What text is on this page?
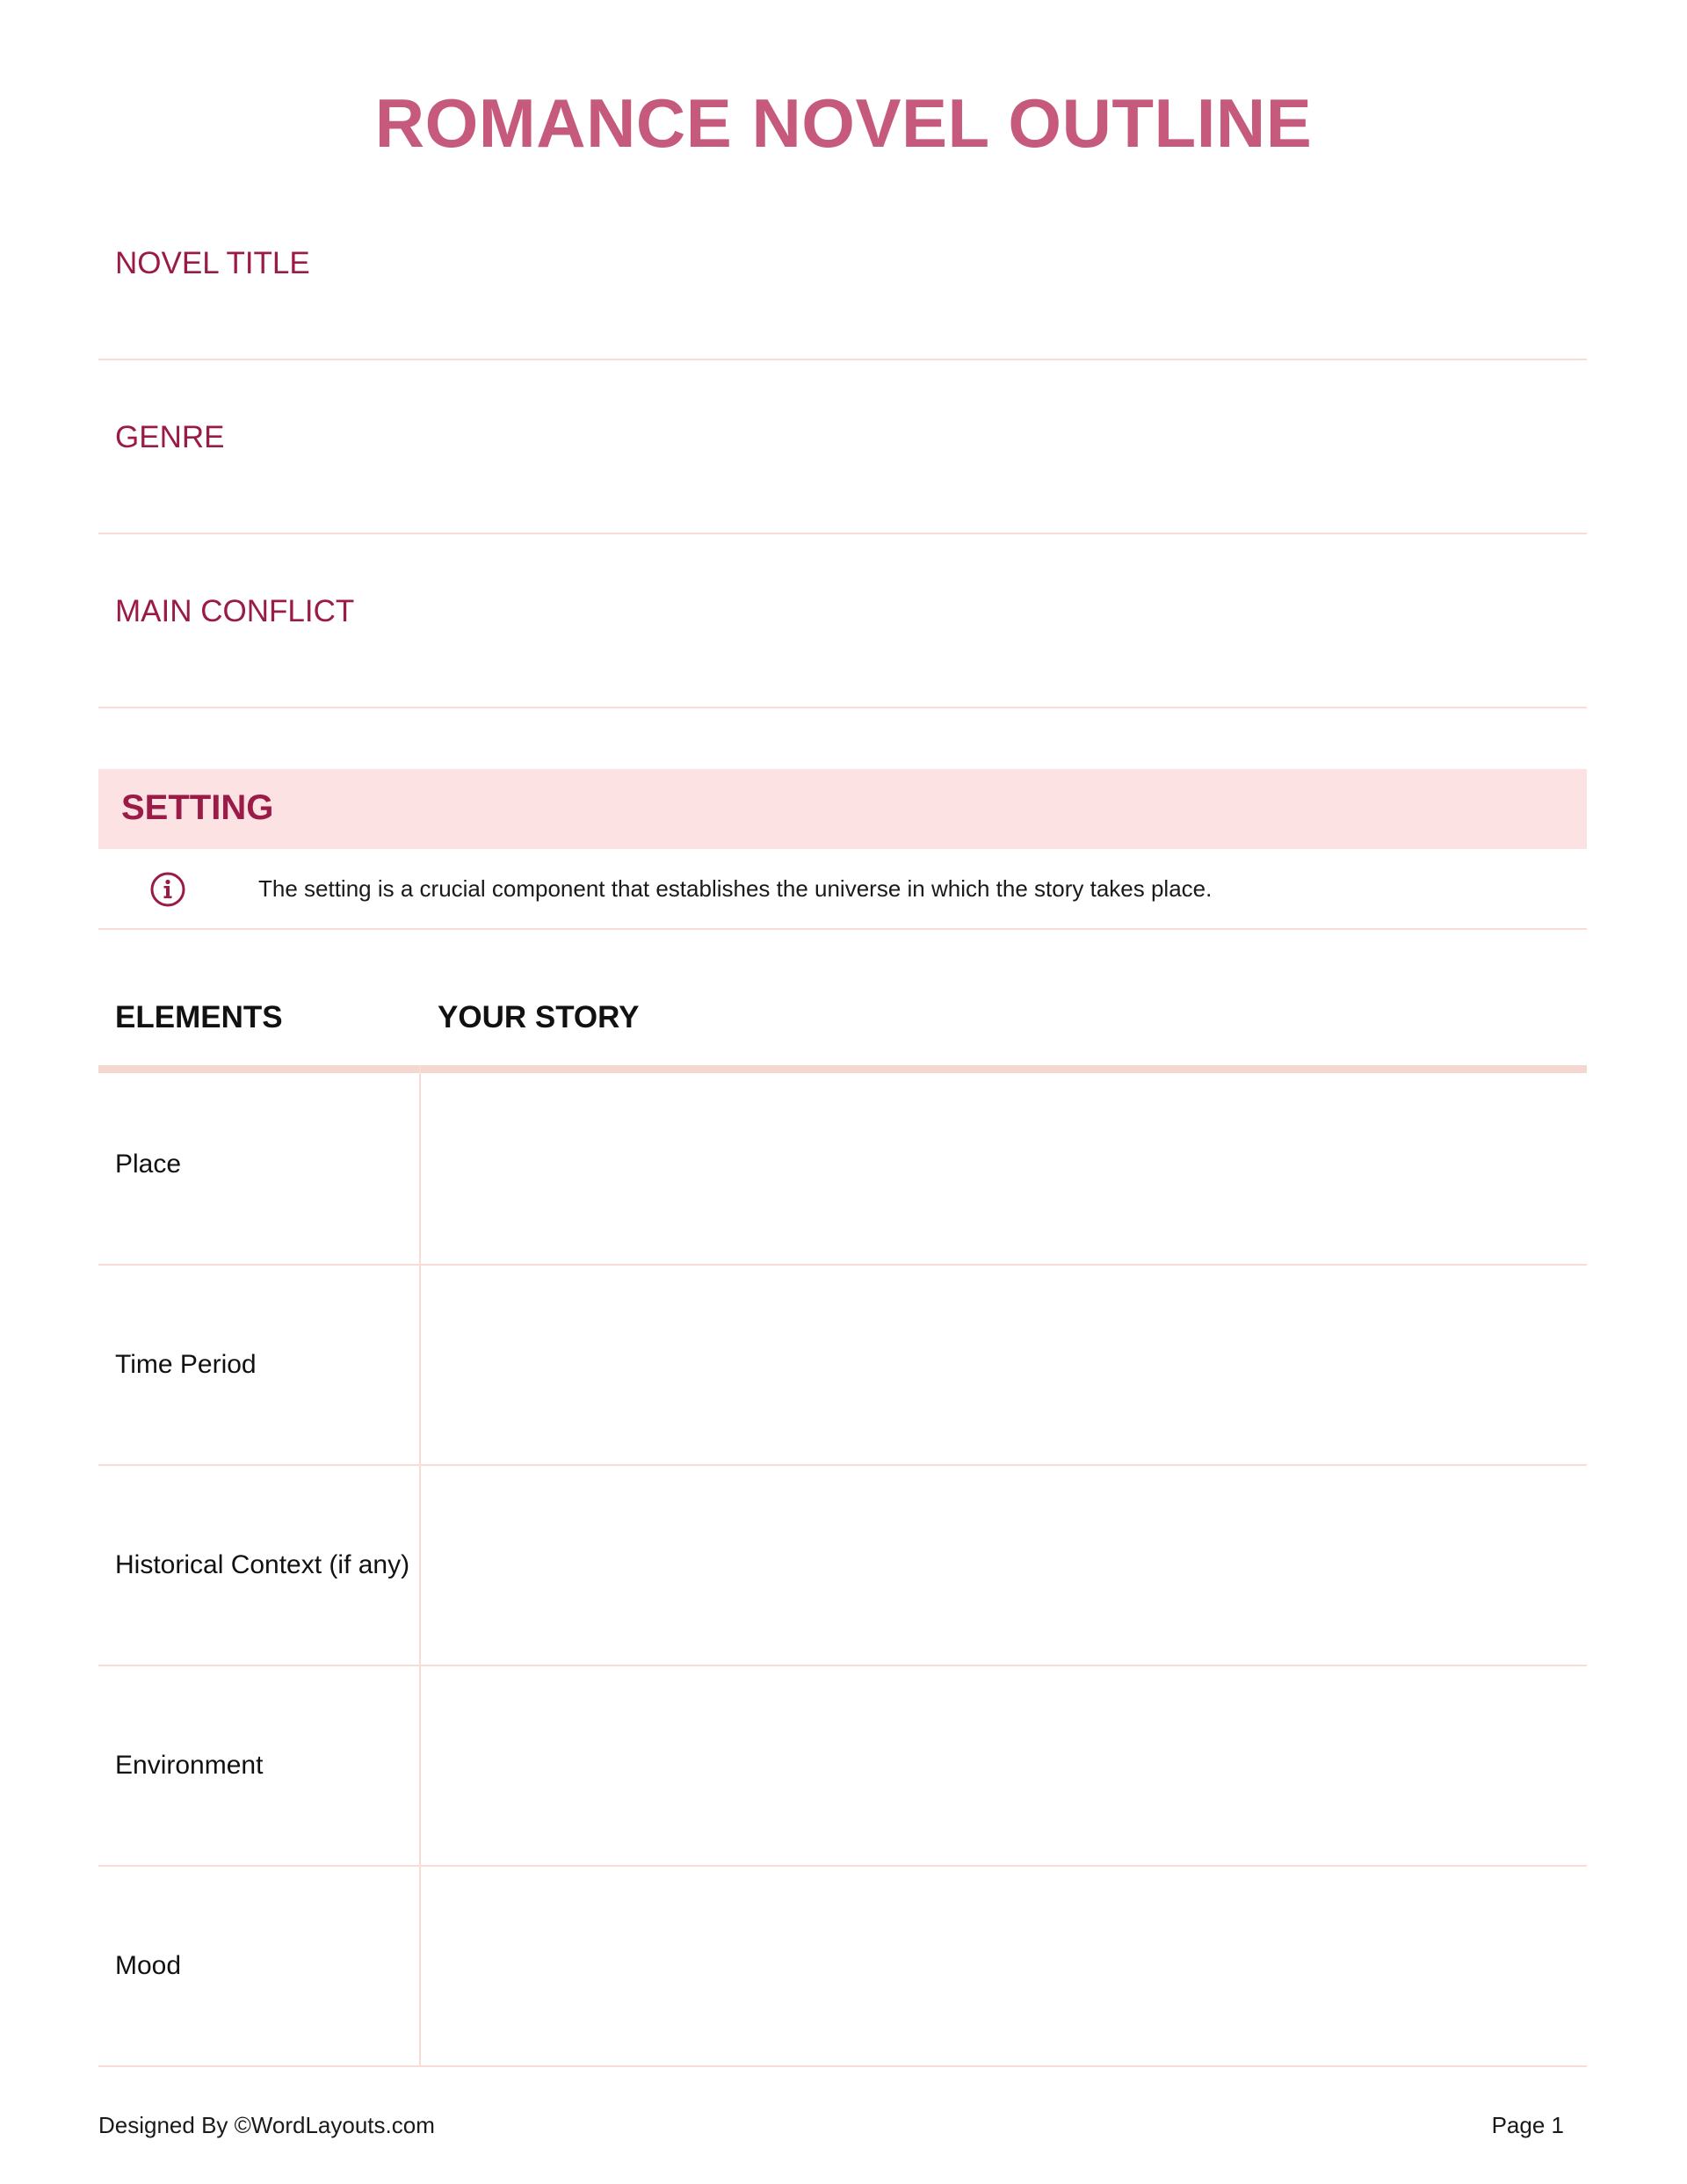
ROMANCE NOVEL OUTLINE
NOVEL TITLE
GENRE
MAIN CONFLICT
SETTING
The setting is a crucial component that establishes the universe in which the story takes place.
ELEMENTS	YOUR STORY
Place
Time Period
Historical Context (if any)
Environment
Mood
Designed By ©WordLayouts.com	Page 1
